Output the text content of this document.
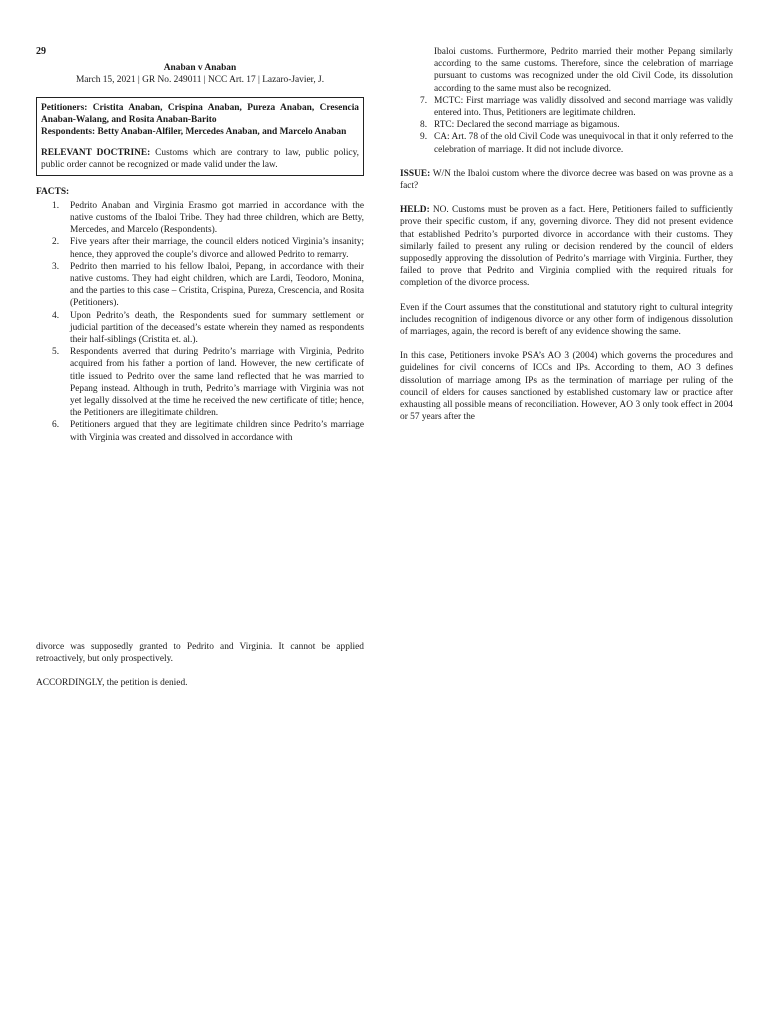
29

Anaban v Anaban

March 15, 2021 | GR No. 249011 | NCC Art. 17 | Lazaro-Javier, J.

Petitioners: Cristita Anaban, Crispina Anaban, Pureza Anaban, Cresencia Anaban-Walang, and Rosita Anaban-Barito

Respondents: Betty Anaban-Alfiler, Mercedes Anaban, and Marcelo Anaban

RELEVANT DOCTRINE: Customs which are contrary to law, public policy, public order cannot be recognized or made valid under the law.

FACTS:
1. Pedrito Anaban and Virginia Erasmo got married in accordance with the native customs of the Ibaloi Tribe. They had three children, which are Betty, Mercedes, and Marcelo (Respondents).
2. Five years after their marriage, the council elders noticed Virginia’s insanity; hence, they approved the couple’s divorce and allowed Pedrito to remarry.
3. Pedrito then married to his fellow Ibaloi, Pepang, in accordance with their native customs. They had eight children, which are Lardi, Teodoro, Monina, and the parties to this case – Cristita, Crispina, Pureza, Crescencia, and Rosita (Petitioners).
4. Upon Pedrito’s death, the Respondents sued for summary settlement or judicial partition of the deceased’s estate wherein they named as respondents their half-siblings (Cristita et. al.).
5. Respondents averred that during Pedrito’s marriage with Virginia, Pedrito acquired from his father a portion of land. However, the new certificate of title issued to Pedrito over the same land reflected that he was married to Pepang instead. Although in truth, Pedrito’s marriage with Virginia was not yet legally dissolved at the time he received the new certificate of title; hence, the Petitioners are illegitimate children.
6. Petitioners argued that they are legitimate children since Pedrito’s marriage with Virginia was created and dissolved in accordance with
Ibaloi customs. Furthermore, Pedrito married their mother Pepang similarly according to the same customs. Therefore, since the celebration of marriage pursuant to customs was recognized under the old Civil Code, its dissolution according to the same must also be recognized.
7. MCTC: First marriage was validly dissolved and second marriage was validly entered into. Thus, Petitioners are legitimate children.
8. RTC: Declared the second marriage as bigamous.
9. CA: Art. 78 of the old Civil Code was unequivocal in that it only referred to the celebration of marriage. It did not include divorce.

ISSUE: W/N the Ibaloi custom where the divorce decree was based on was provne as a fact?

HELD: NO. Customs must be proven as a fact. Here, Petitioners failed to sufficiently prove their specific custom, if any, governing divorce. They did not present evidence that established Pedrito’s purported divorce in accordance with their customs. They similarly failed to present any ruling or decision rendered by the council of elders supposedly approving the dissolution of Pedrito’s marriage with Virginia. Further, they failed to prove that Pedrito and Virginia complied with the required rituals for completion of the divorce process.

Even if the Court assumes that the constitutional and statutory right to cultural integrity includes recognition of indigenous divorce or any other form of indigenous dissolution of marriages, again, the record is bereft of any evidence showing the same.

In this case, Petitioners invoke PSA’s AO 3 (2004) which governs the procedures and guidelines for civil concerns of ICCs and IPs. According to them, AO 3 defines dissolution of marriage among IPs as the termination of marriage per ruling of the council of elders for causes sanctioned by established customary law or practice after exhausting all possible means of reconciliation. However, AO 3 only took effect in 2004 or 57 years after the

divorce was supposedly granted to Pedrito and Virginia. It cannot be applied retroactively, but only prospectively.

ACCORDINGLY, the petition is denied.
